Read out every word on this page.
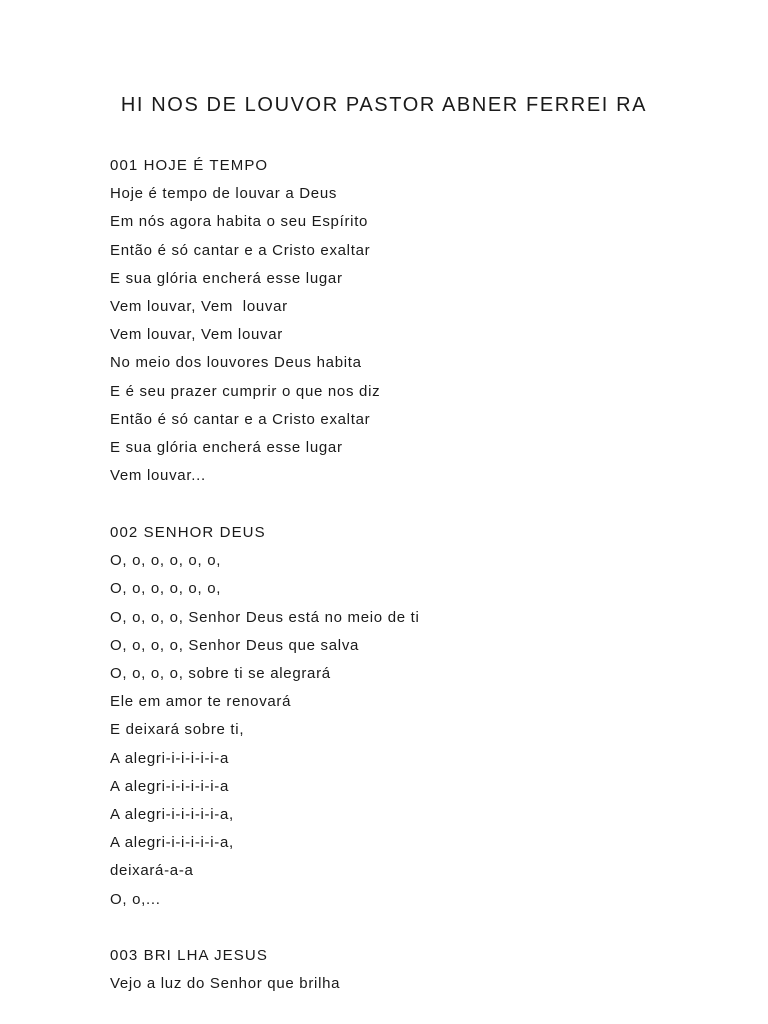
HI NOS DE LOUVOR PASTOR ABNER FERREI RA
001 HOJE É TEMPO
Hoje é tempo de louvar a Deus
Em nós agora habita o seu Espírito
Então é só cantar e a Cristo exaltar
E sua glória encherá esse lugar
Vem louvar, Vem  louvar
Vem louvar, Vem louvar
No meio dos louvores Deus habita
E é seu prazer cumprir o que nos diz
Então é só cantar e a Cristo exaltar
E sua glória encherá esse lugar
Vem louvar...
002 SENHOR DEUS
O, o, o, o, o, o,
O, o, o, o, o, o,
O, o, o, o, Senhor Deus está no meio de ti
O, o, o, o, Senhor Deus que salva
O, o, o, o, sobre ti se alegrará
Ele em amor te renovará
E deixará sobre ti,
A alegri-i-i-i-i-i-a
A alegri-i-i-i-i-i-a
A alegri-i-i-i-i-i-a,
A alegri-i-i-i-i-i-a,
deixará-a-a
O, o,...
003 BRI LHA JESUS
Vejo a luz do Senhor que brilha
